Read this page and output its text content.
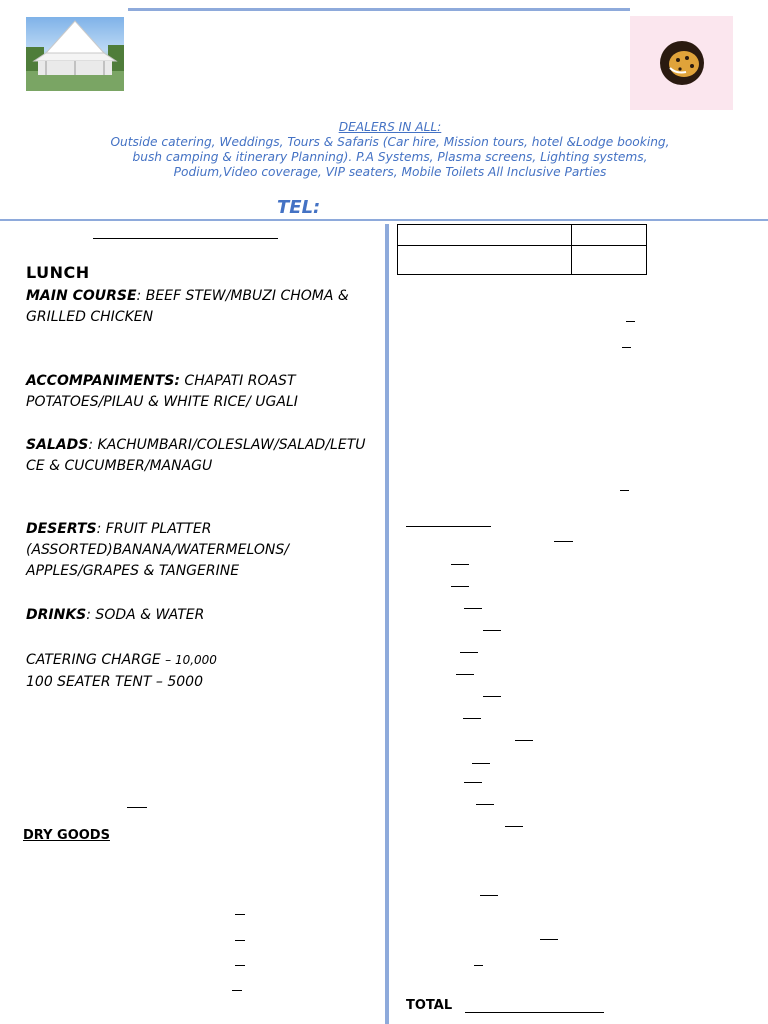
DEALERS IN ALL:
Outside catering, Weddings, Tours & Safaris (Car hire, Mission tours, hotel &Lodge booking, bush camping & itinerary Planning). P.A Systems, Plasma screens, Lighting systems, Podium,Video coverage, VIP seaters, Mobile Toilets All Inclusive Parties
TEL:

LUNCH
MAIN COURSE: BEEF STEW/MBUZI CHOMA & GRILLED CHICKEN
ACCOMPANIMENTS: CHAPATI ROAST POTATOES/PILAU & WHITE RICE/ UGALI
SALADS: KACHUMBARI/COLESLAW/SALAD/LETU CE & CUCUMBER/MANAGU
DESERTS: FRUIT PLATTER (ASSORTED)BANANA/WATERMELONS/ APPLES/GRAPES & TANGERINE
DRINKS: SODA & WATER
CATERING CHARGE – 10,000
100 SEATER TENT – 5000
DRY GOODS
TOTAL
